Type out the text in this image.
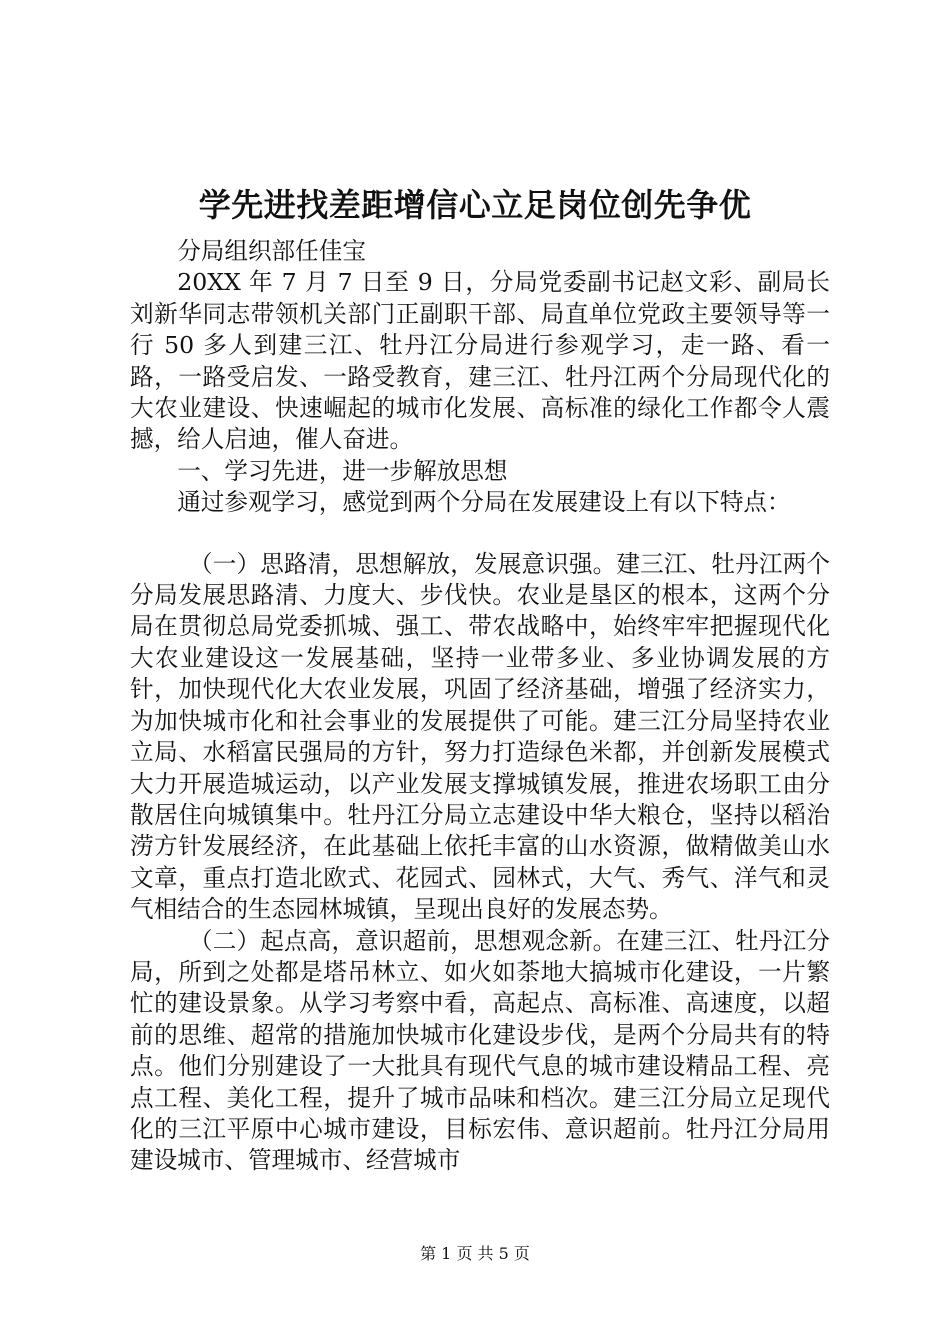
学先进找差距增信心立足岗位创先争优

分局组织部任佳宝

20XX 年 7 月 7 日至 9 日，分局党委副书记赵文彩、副局长刘新华同志带领机关部门正副职干部、局直单位党政主要领导等一行 50 多人到建三江、牡丹江分局进行参观学习，走一路、看一路，一路受启发、一路受教育，建三江、牡丹江两个分局现代化的大农业建设、快速崛起的城市化发展、高标准的绿化工作都令人震撼，给人启迪，催人奋进。

一、学习先进，进一步解放思想

通过参观学习，感觉到两个分局在发展建设上有以下特点：

（一）思路清，思想解放，发展意识强。建三江、牡丹江两个分局发展思路清、力度大、步伐快。农业是垦区的根本，这两个分局在贯彻总局党委抓城、强工、带农战略中，始终牢牢把握现代化大农业建设这一发展基础，坚持一业带多业、多业协调发展的方针，加快现代化大农业发展，巩固了经济基础，增强了经济实力，为加快城市化和社会事业的发展提供了可能。建三江分局坚持农业立局、水稻富民强局的方针，努力打造绿色米都，并创新发展模式大力开展造城运动，以产业发展支撑城镇发展，推进农场职工由分散居住向城镇集中。牡丹江分局立志建设中华大粮仓，坚持以稻治涝方针发展经济，在此基础上依托丰富的山水资源，做精做美山水文章，重点打造北欧式、花园式、园林式，大气、秀气、洋气和灵气相结合的生态园林城镇，呈现出良好的发展态势。

（二）起点高，意识超前，思想观念新。在建三江、牡丹江分局，所到之处都是塔吊林立、如火如荼地大搞城市化建设，一片繁忙的建设景象。从学习考察中看，高起点、高标准、高速度，以超前的思维、超常的措施加快城市化建设步伐，是两个分局共有的特点。他们分别建设了一大批具有现代气息的城市建设精品工程、亮点工程、美化工程，提升了城市品味和档次。建三江分局立足现代化的三江平原中心城市建设，目标宏伟、意识超前。牡丹江分局用建设城市、管理城市、经营城市

第 1 页 共 5 页
